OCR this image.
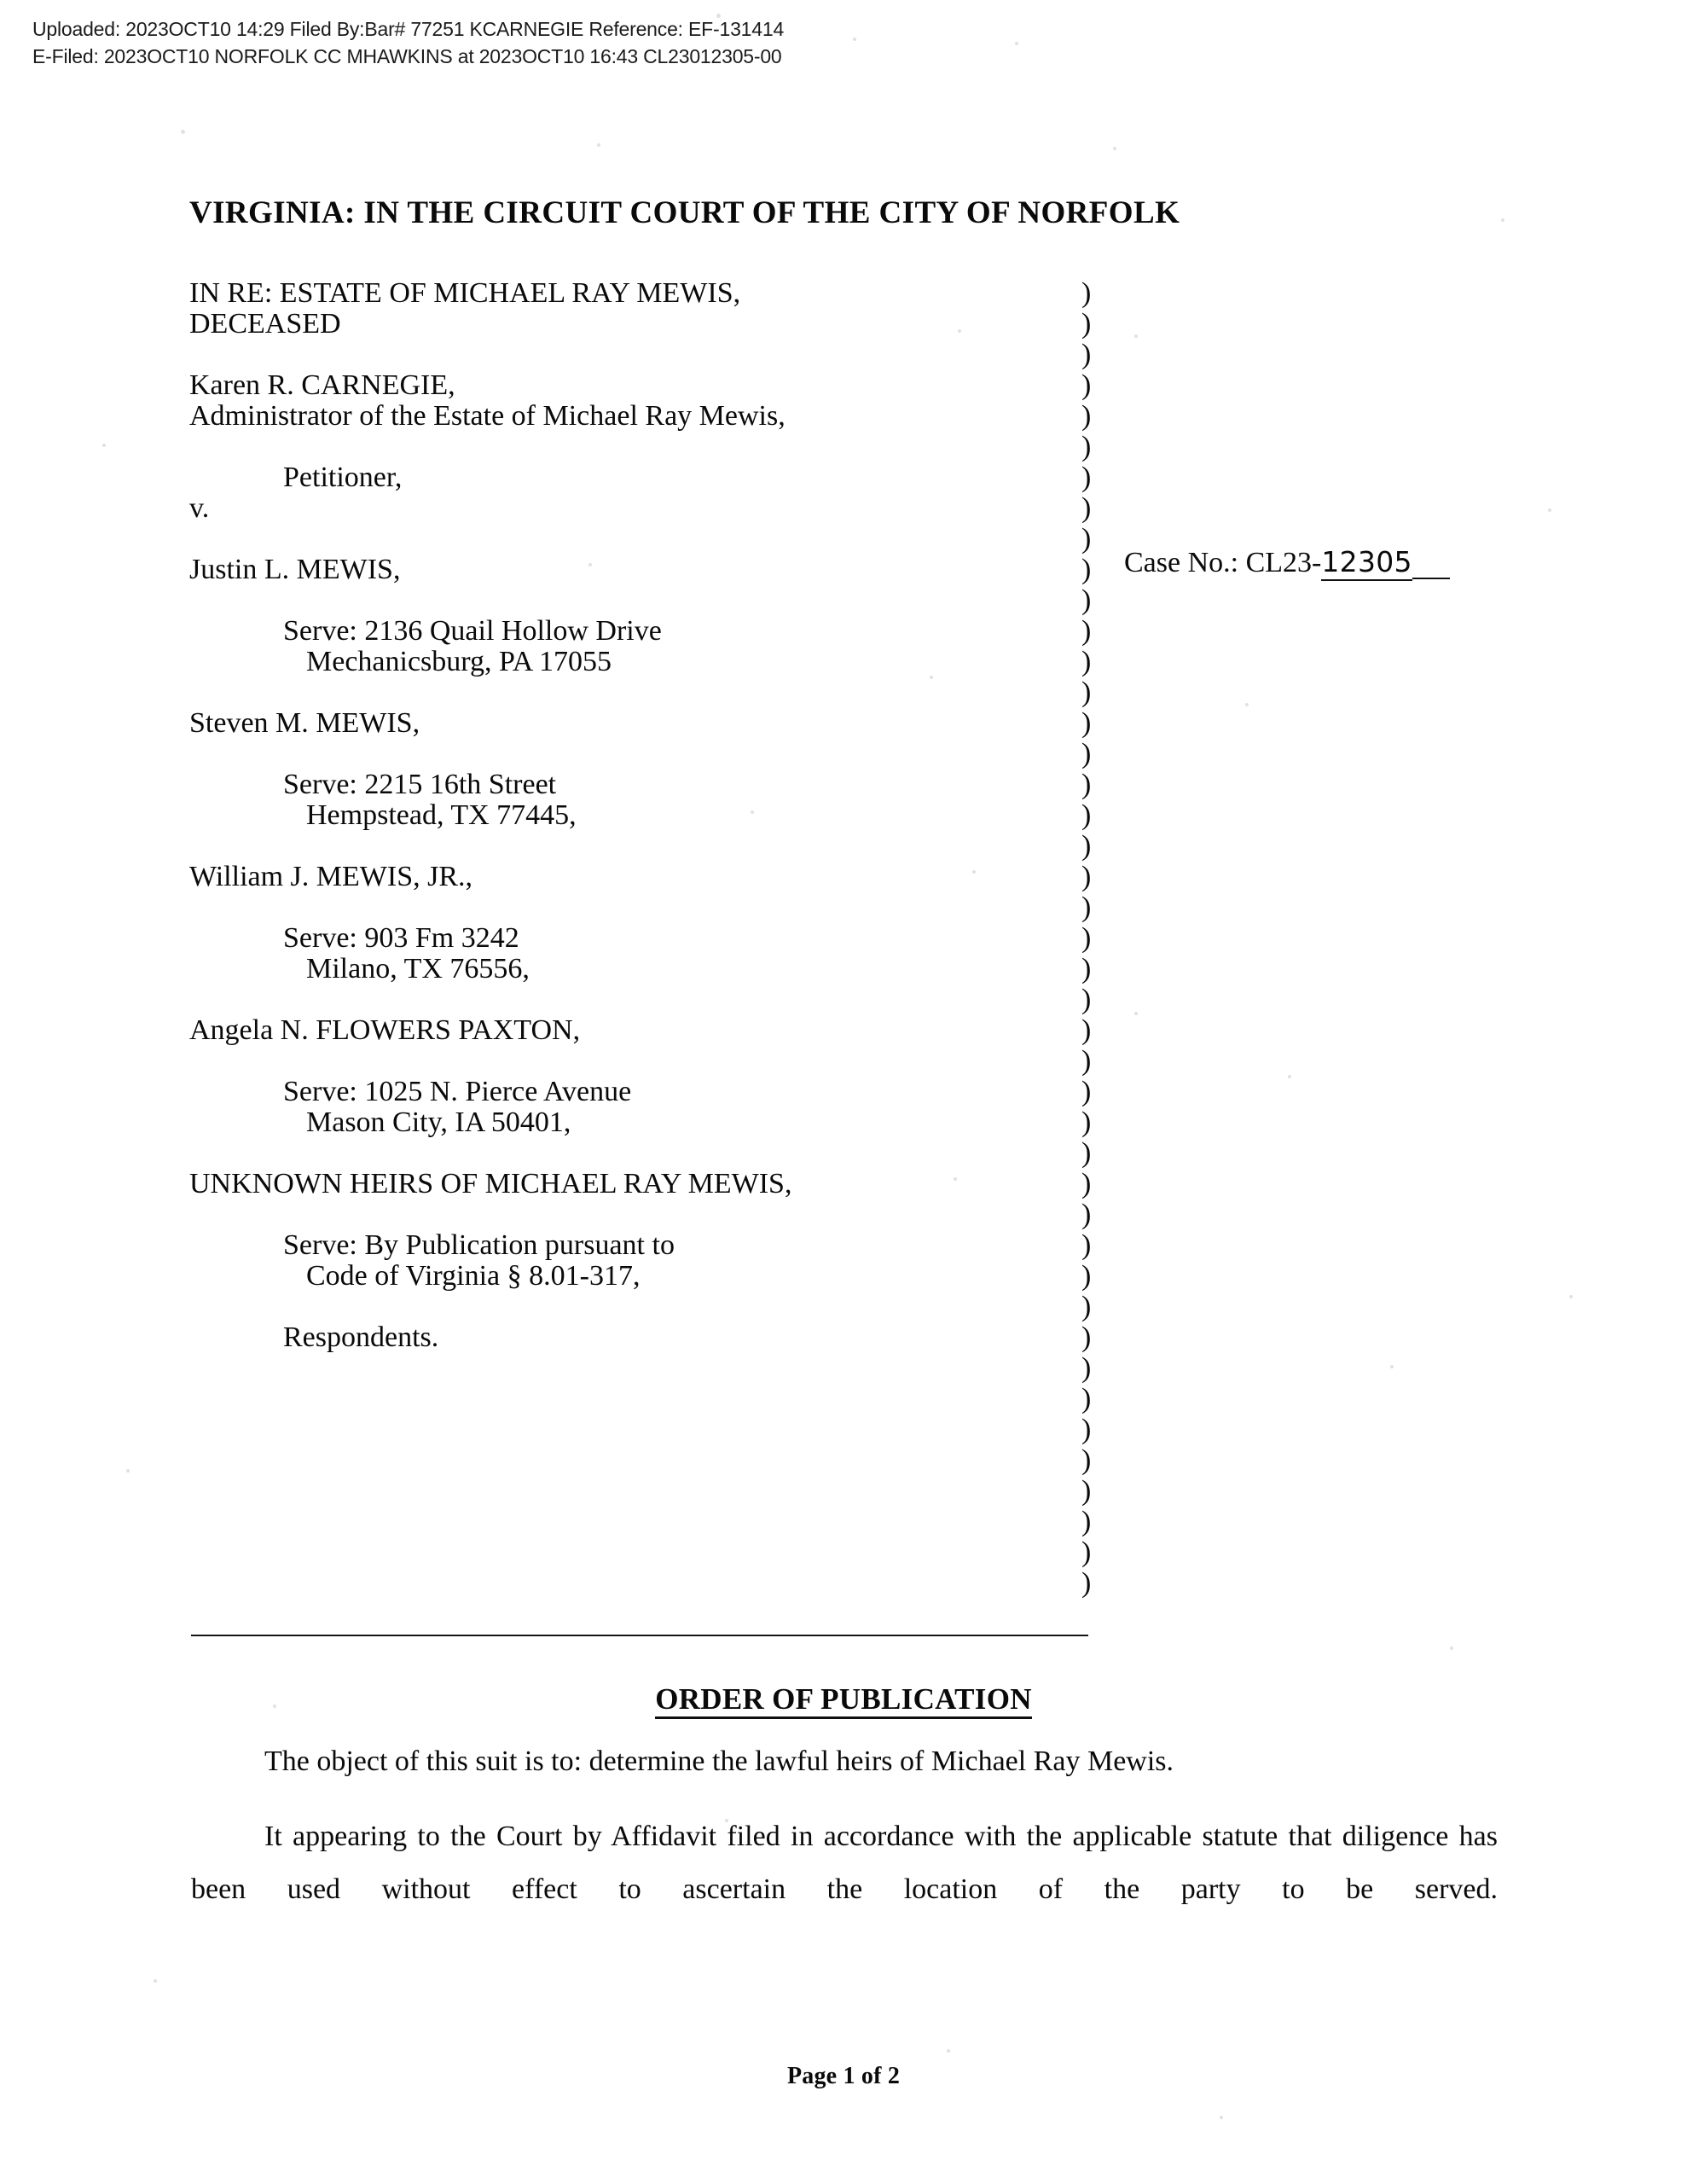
Uploaded: 2023OCT10 14:29 Filed By:Bar# 77251 KCARNEGIE Reference: EF-131414
E-Filed: 2023OCT10 NORFOLK CC MHAWKINS at 2023OCT10 16:43 CL23012305-00
VIRGINIA: IN THE CIRCUIT COURT OF THE CITY OF NORFOLK
IN RE: ESTATE OF MICHAEL RAY MEWIS,
DECEASED
Karen R. CARNEGIE,
Administrator of the Estate of Michael Ray Mewis,
Petitioner,
v.
Justin L. MEWIS,
Serve: 2136 Quail Hollow Drive
Mechanicsburg, PA 17055
Steven M. MEWIS,
Serve: 2215 16th Street
Hempstead, TX 77445,
William J. MEWIS, JR.,
Serve: 903 Fm 3242
Milano, TX 76556,
Angela N. FLOWERS PAXTON,
Serve: 1025 N. Pierce Avenue
Mason City, IA 50401,
UNKNOWN HEIRS OF MICHAEL RAY MEWIS,
Serve: By Publication pursuant to
Code of Virginia § 8.01-317,
Respondents.
)
)
)
)
)
)
)
)
)
)
)
)
)
)
)
)
)
)
)
)
)
)
)
)
)
)
)
)
)
)
)
)
)
)
)
)
)
)
)
)
)
)
)
Case No.: CL23-12305
ORDER OF PUBLICATION

The object of this suit is to: determine the lawful heirs of Michael Ray Mewis.

It appearing to the Court by Affidavit filed in accordance with the applicable statute that diligence has been used without effect to ascertain the location of the party to be served.

Page 1 of 2
